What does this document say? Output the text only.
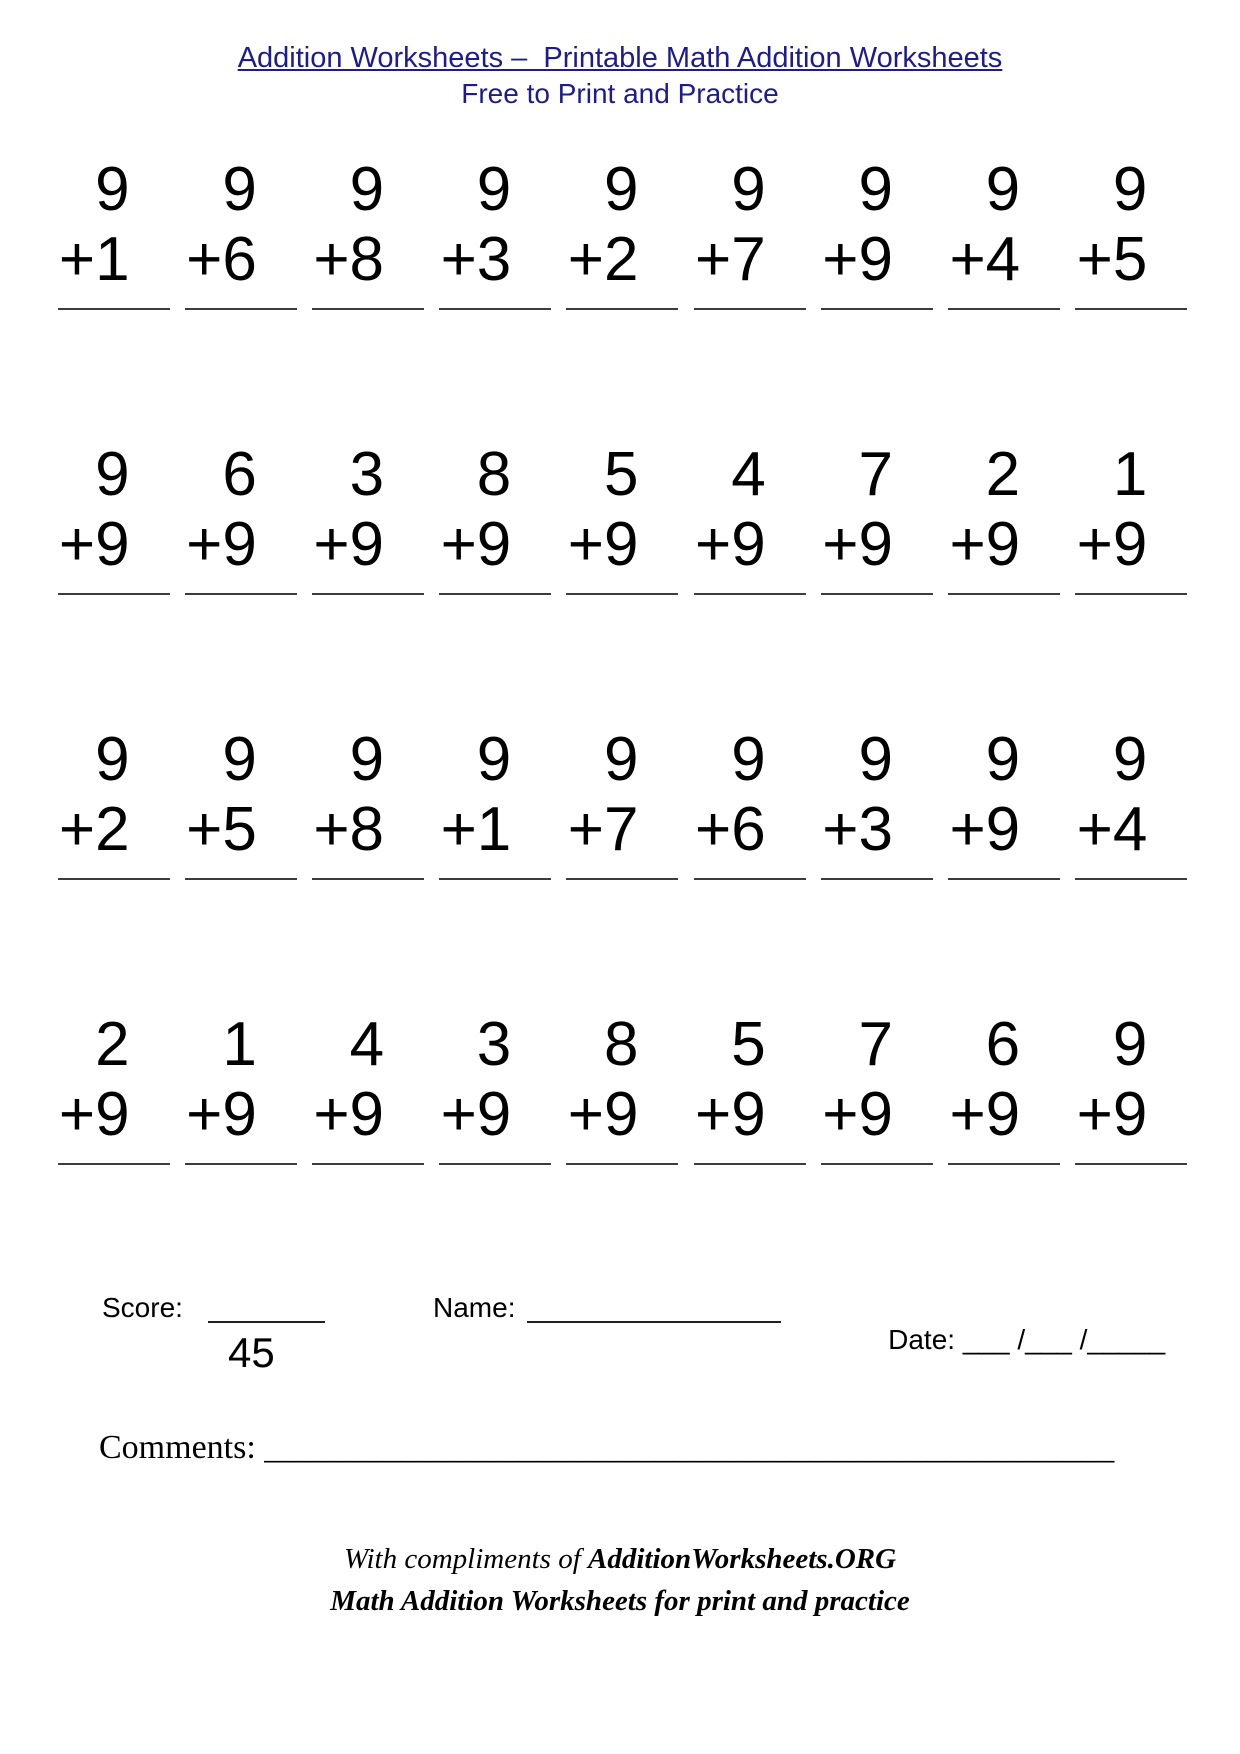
Addition Worksheets –  Printable Math Addition Worksheets
Free to Print and Practice
9
+1
9
+6
9
+8
9
+3
9
+2
9
+7
9
+9
9
+4
9
+5
9
+9
6
+9
3
+9
8
+9
5
+9
4
+9
7
+9
2
+9
1
+9
9
+2
9
+5
9
+8
9
+1
9
+7
9
+6
9
+3
9
+9
9
+4
2
+9
1
+9
4
+9
3
+9
8
+9
5
+9
7
+9
6
+9
9
+9
Score:
45
Name:

Date: ___ /___ /_____

Comments: __________________________________________________
With compliments of AdditionWorksheets.ORG
Math Addition Worksheets for print and practice
